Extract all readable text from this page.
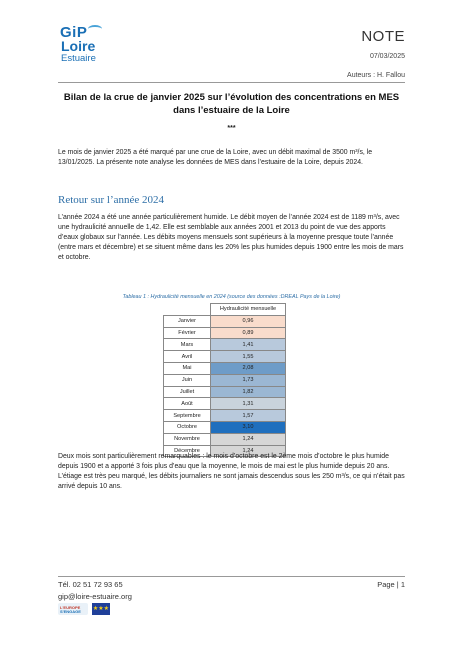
GiP
Loire
Estuaire
NOTE
07/03/2025
Auteurs : H. Fallou
Bilan de la crue de janvier 2025 sur l’évolution des concentrations en MES dans l’estuaire de la Loire
***
Le mois de janvier 2025 a été marqué par une crue de la Loire, avec un débit maximal de 3500 m³/s, le 13/01/2025. La présente note analyse les données de MES dans l’estuaire de la Loire, depuis 2024.
Retour sur l’année 2024
L’année 2024 a été une année particulièrement humide. Le débit moyen de l’année 2024 est de 1189 m³/s, avec une hydraulicité annuelle de 1,42. Elle est semblable aux années 2001 et 2013 du point de vue des apports d’eaux globaux sur l’année. Les débits moyens mensuels sont supérieurs à la moyenne presque toute l’année (entre mars et décembre) et se situent même dans les 20% les plus humides depuis 1900 entre les mois de mars et octobre.
Tableau 1 : Hydraulicité mensuelle en 2024 (source des données :DREAL Pays de la Loire)
	Hydraulicité mensuelle
Janvier	0,96
Février	0,89
Mars	1,41
Avril	1,55
Mai	2,08
Juin	1,73
Juillet	1,82
Août	1,31
Septembre	1,57
Octobre	3,10
Novembre	1,24
Décembre	1,24
Deux mois sont particulièrement remarquables : le mois d’octobre est le 2ème mois d’octobre le plus humide depuis 1900 et a apporté 3 fois plus d’eau que la moyenne, le mois de mai est le plus humide depuis 20 ans. L’étiage est très peu marqué, les débits journaliers ne sont jamais descendus sous les 250 m³/s, ce qui n’était pas arrivé depuis 10 ans.
Tél. 02 51 72 93 65
gip@loire-estuaire.org
Page | 1
L'EUROPE
S'ENGAGE ★★★
